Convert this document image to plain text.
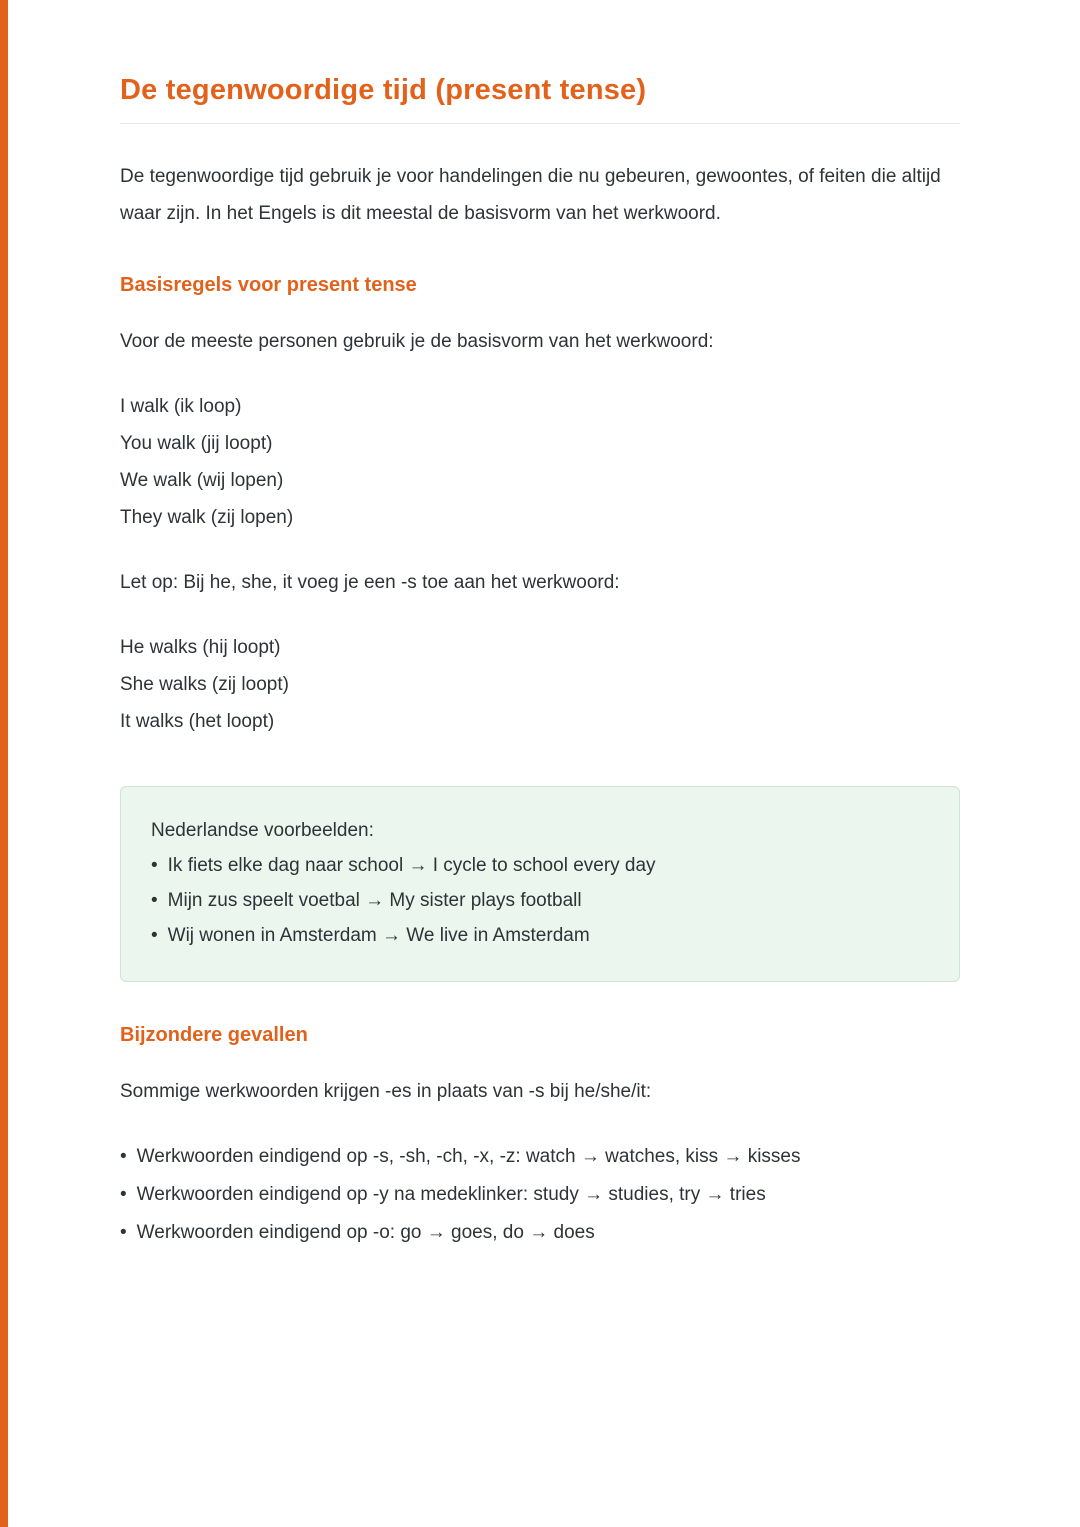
De tegenwoordige tijd (present tense)

De tegenwoordige tijd gebruik je voor handelingen die nu gebeuren, gewoontes, of feiten die altijd waar zijn. In het Engels is dit meestal de basisvorm van het werkwoord.

Basisregels voor present tense

Voor de meeste personen gebruik je de basisvorm van het werkwoord:

I walk (ik loop)
You walk (jij loopt)
We walk (wij lopen)
They walk (zij lopen)

Let op: Bij he, she, it voeg je een -s toe aan het werkwoord:

He walks (hij loopt)
She walks (zij loopt)
It walks (het loopt)
Nederlandse voorbeelden:
• Ik fiets elke dag naar school → I cycle to school every day
• Mijn zus speelt voetbal → My sister plays football
• Wij wonen in Amsterdam → We live in Amsterdam
Bijzondere gevallen

Sommige werkwoorden krijgen -es in plaats van -s bij he/she/it:

• Werkwoorden eindigend op -s, -sh, -ch, -x, -z: watch → watches, kiss → kisses
• Werkwoorden eindigend op -y na medeklinker: study → studies, try → tries
• Werkwoorden eindigend op -o: go → goes, do → does
